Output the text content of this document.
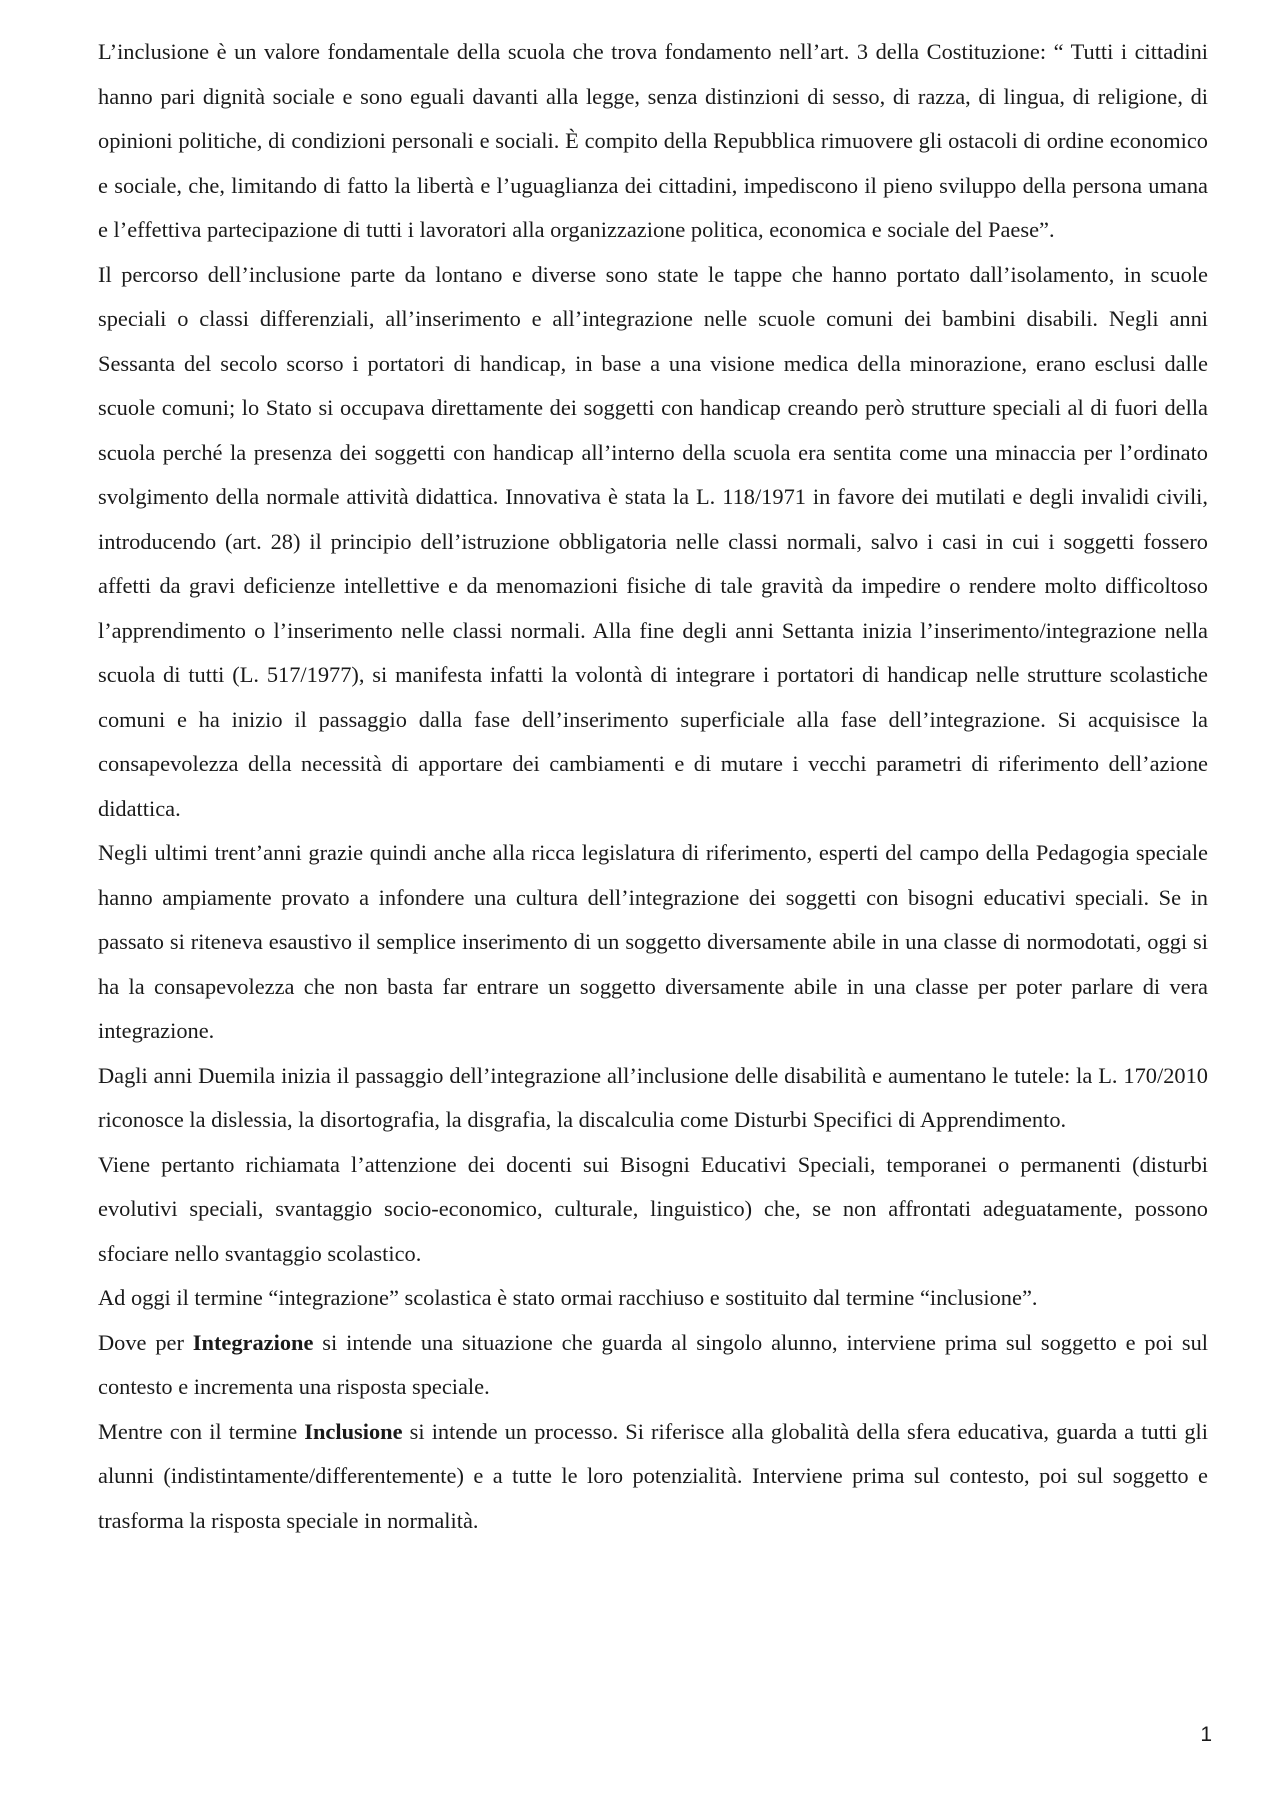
L’inclusione è un valore fondamentale della scuola che trova fondamento nell’art. 3 della Costituzione: “ Tutti i cittadini hanno pari dignità sociale e sono eguali davanti alla legge, senza distinzioni di sesso, di razza, di lingua, di religione, di opinioni politiche, di condizioni personali e sociali. È compito della Repubblica rimuovere gli ostacoli di ordine economico e sociale, che, limitando di fatto la libertà e l’uguaglianza dei cittadini, impediscono il pieno sviluppo della persona umana e l’effettiva partecipazione di tutti i lavoratori alla organizzazione politica, economica e sociale del Paese”.

Il percorso dell’inclusione parte da lontano e diverse sono state le tappe che hanno portato dall’isolamento, in scuole speciali o classi differenziali, all’inserimento e all’integrazione nelle scuole comuni dei bambini disabili. Negli anni Sessanta del secolo scorso i portatori di handicap, in base a una visione medica della minorazione, erano esclusi dalle scuole comuni; lo Stato si occupava direttamente dei soggetti con handicap creando però strutture speciali al di fuori della scuola perché la presenza dei soggetti con handicap all’interno della scuola era sentita come una minaccia per l’ordinato svolgimento della normale attività didattica. Innovativa è stata la L. 118/1971 in favore dei mutilati e degli invalidi civili, introducendo (art. 28) il principio dell’istruzione obbligatoria nelle classi normali, salvo i casi in cui i soggetti fossero affetti da gravi deficienze intellettive e da menomazioni fisiche di tale gravità da impedire o rendere molto difficoltoso l’apprendimento o l’inserimento nelle classi normali. Alla fine degli anni Settanta inizia l’inserimento/integrazione nella scuola di tutti (L. 517/1977), si manifesta infatti la volontà di integrare i portatori di handicap nelle strutture scolastiche comuni e ha inizio il passaggio dalla fase dell’inserimento superficiale alla fase dell’integrazione. Si acquisisce la consapevolezza della necessità di apportare dei cambiamenti e di mutare i vecchi parametri di riferimento dell’azione didattica.

Negli ultimi trent’anni grazie quindi anche alla ricca legislatura di riferimento, esperti del campo della Pedagogia speciale hanno ampiamente provato a infondere una cultura dell’integrazione dei soggetti con bisogni educativi speciali. Se in passato si riteneva esaustivo il semplice inserimento di un soggetto diversamente abile in una classe di normodotati, oggi si ha la consapevolezza che non basta far entrare un soggetto diversamente abile in una classe per poter parlare di vera integrazione.

Dagli anni Duemila inizia il passaggio dell’integrazione all’inclusione delle disabilità e aumentano le tutele: la L. 170/2010 riconosce la dislessia, la disortografia, la disgrafia, la discalculia come Disturbi Specifici di Apprendimento.

Viene pertanto richiamata l’attenzione dei docenti sui Bisogni Educativi Speciali, temporanei o permanenti (disturbi evolutivi speciali, svantaggio socio-economico, culturale, linguistico) che, se non affrontati adeguatamente, possono sfociare nello svantaggio scolastico.

Ad oggi il termine “integrazione” scolastica è stato ormai racchiuso e sostituito dal termine “inclusione”.

Dove per Integrazione si intende una situazione che guarda al singolo alunno, interviene prima sul soggetto e poi sul contesto e incrementa una risposta speciale.

Mentre con il termine Inclusione si intende un processo. Si riferisce alla globalità della sfera educativa, guarda a tutti gli alunni (indistintamente/differentemente) e a tutte le loro potenzialità. Interviene prima sul contesto, poi sul soggetto e trasforma la risposta speciale in normalità.

1
